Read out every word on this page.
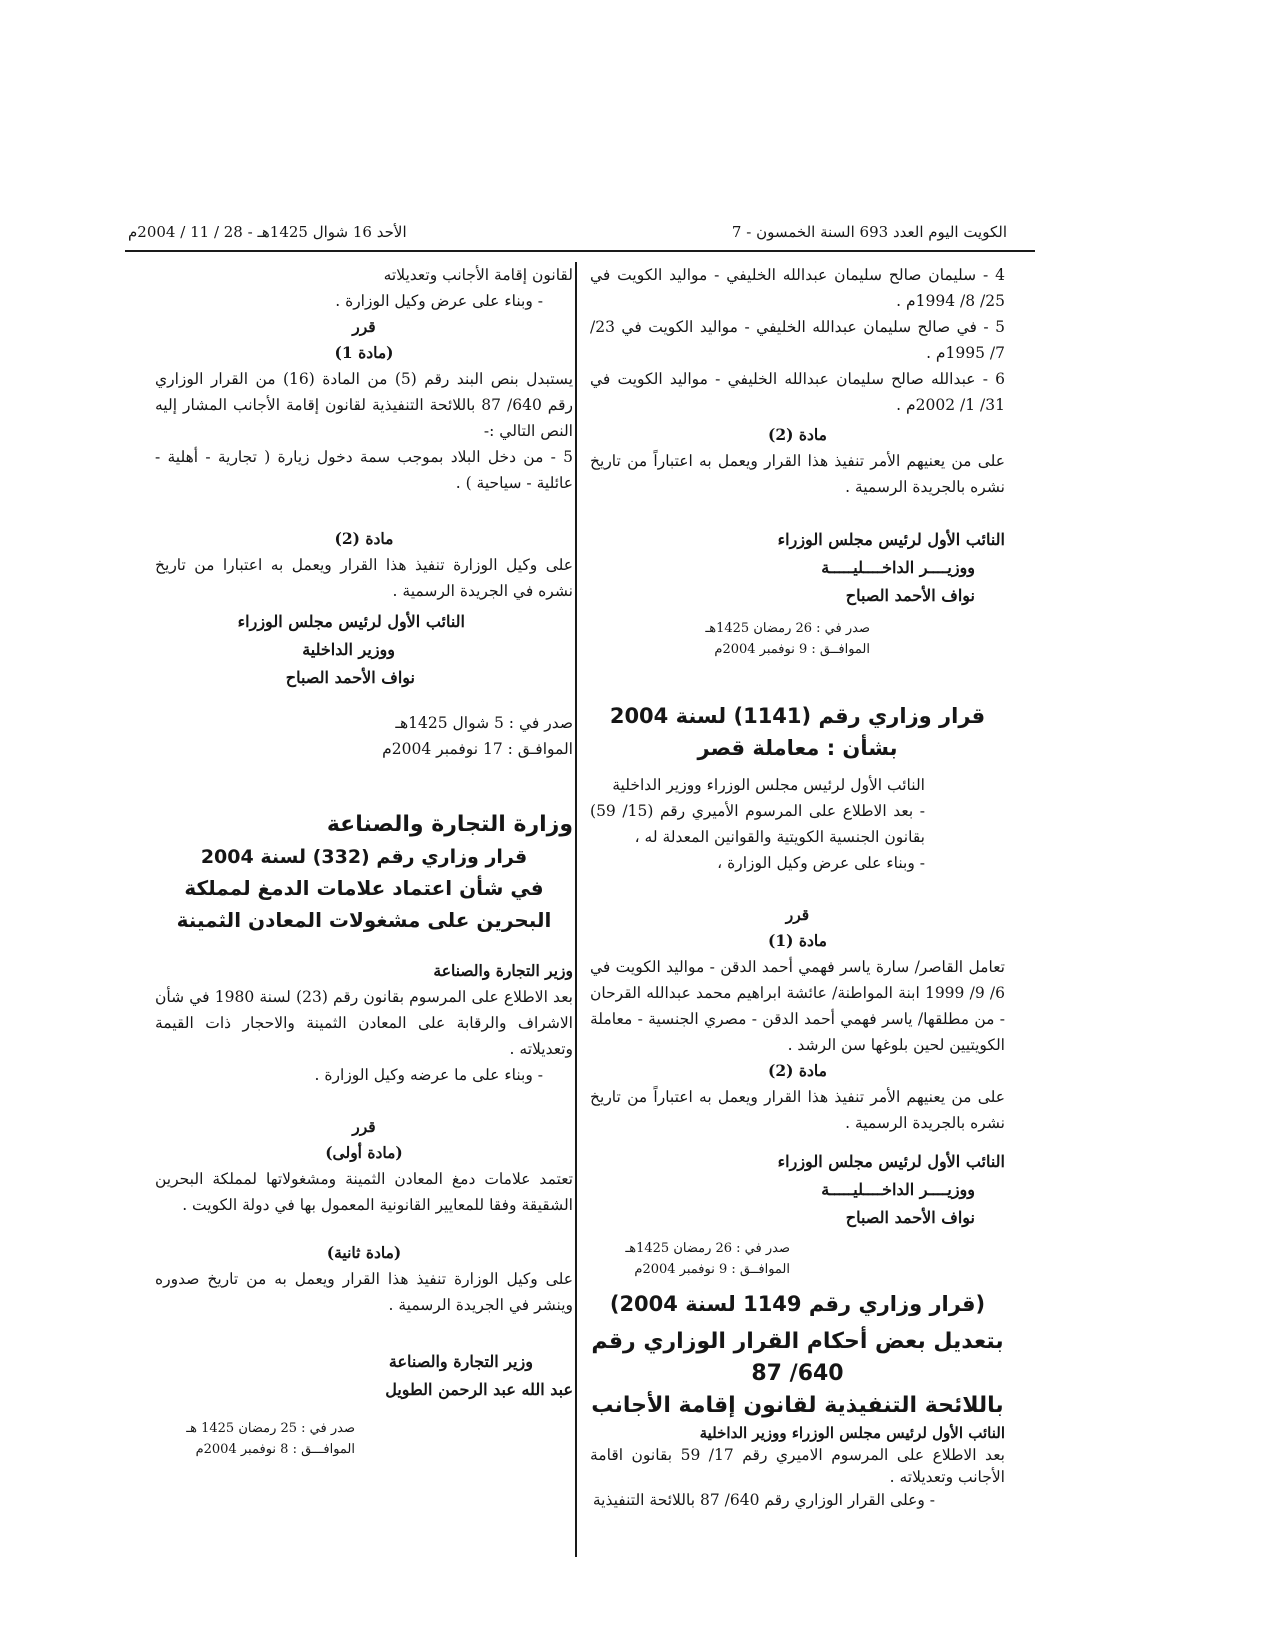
الكويت اليوم العدد 693 السنة الخمسون - 7
الأحد 16 شوال 1425هـ - 28 / 11 / 2004م

4 - سليمان صالح سليمان عبدالله الخليفي - مواليد الكويت في 25/ 8/ 1994م .

5 - في صالح سليمان عبدالله الخليفي - مواليد الكويت في 23/ 7/ 1995م .

6 - عبدالله صالح سليمان عبدالله الخليفي - مواليد الكويت في 31/ 1/ 2002م .

مادة (2)

على من يعنيهم الأمر تنفيذ هذا القرار ويعمل به اعتباراً من تاريخ نشره بالجريدة الرسمية .

النائب الأول لرئيس مجلس الوزراء

ووزيــــر الداخــــليـــــة

نواف الأحمد الصباح

صدر في : 26 رمضان 1425هـ

الموافــق : 9 نوفمبر 2004م

قرار وزاري رقم (1141) لسنة 2004

بشأن : معاملة قصر

النائب الأول لرئيس مجلس الوزراء ووزير الداخلية

- بعد الاطلاع على المرسوم الأميري رقم (15/ 59) بقانون الجنسية الكويتية والقوانين المعدلة له ،

- وبناء على عرض وكيل الوزارة ،

قرر

مادة (1)

تعامل القاصر/ سارة ياسر فهمي أحمد الدقن - مواليد الكويت في 6/ 9/ 1999 ابنة المواطنة/ عائشة ابراهيم محمد عبدالله القرحان - من مطلقها/ ياسر فهمي أحمد الدقن - مصري الجنسية - معاملة الكويتيين لحين بلوغها سن الرشد .

مادة (2)

على من يعنيهم الأمر تنفيذ هذا القرار ويعمل به اعتباراً من تاريخ نشره بالجريدة الرسمية .

النائب الأول لرئيس مجلس الوزراء

ووزيــــر الداخــــليـــــة

نواف الأحمد الصباح

صدر في : 26 رمضان 1425هـ

الموافــق : 9 نوفمبر 2004م

(قرار وزاري رقم 1149 لسنة 2004)

بتعديل بعض أحكام القرار الوزاري رقم 640/ 87

باللائحة التنفيذية لقانون إقامة الأجانب

النائب الأول لرئيس مجلس الوزراء ووزير الداخلية

بعد الاطلاع على المرسوم الاميري رقم 17/ 59 بقانون اقامة الأجانب وتعديلاته .

- وعلى القرار الوزاري رقم 640/ 87 باللائحة التنفيذية

لقانون إقامة الأجانب وتعديلاته

- وبناء على عرض وكيل الوزارة .

قرر

(مادة 1)

يستبدل بنص البند رقم (5) من المادة (16) من القرار الوزاري رقم 640/ 87 باللائحة التنفيذية لقانون إقامة الأجانب المشار إليه النص التالي :-

5 - من دخل البلاد بموجب سمة دخول زيارة ( تجارية - أهلية - عائلية - سياحية ) .

مادة (2)

على وكيل الوزارة تنفيذ هذا القرار ويعمل به اعتبارا من تاريخ نشره في الجريدة الرسمية .

النائب الأول لرئيس مجلس الوزراء

ووزير الداخلية

نواف الأحمد الصباح

صدر في : 5 شوال 1425هـ

الموافـق : 17 نوفمبر 2004م

وزارة التجارة والصناعة

قرار وزاري رقم (332) لسنة 2004

في شأن اعتماد علامات الدمغ لمملكة

البحرين على مشغولات المعادن الثمينة

وزير التجارة والصناعة

بعد الاطلاع على المرسوم بقانون رقم (23) لسنة 1980 في شأن الاشراف والرقابة على المعادن الثمينة والاحجار ذات القيمة وتعديلاته .

- وبناء على ما عرضه وكيل الوزارة .

قرر

(مادة أولى)

تعتمد علامات دمغ المعادن الثمينة ومشغولاتها لمملكة البحرين الشقيقة وفقا للمعايير القانونية المعمول بها في دولة الكويت .

(مادة ثانية)

على وكيل الوزارة تنفيذ هذا القرار ويعمل به من تاريخ صدوره وينشر في الجريدة الرسمية .

وزير التجارة والصناعة

عبد الله عبد الرحمن الطويل

صدر في : 25 رمضان 1425 هـ

الموافـــق : 8 نوفمبر 2004م
